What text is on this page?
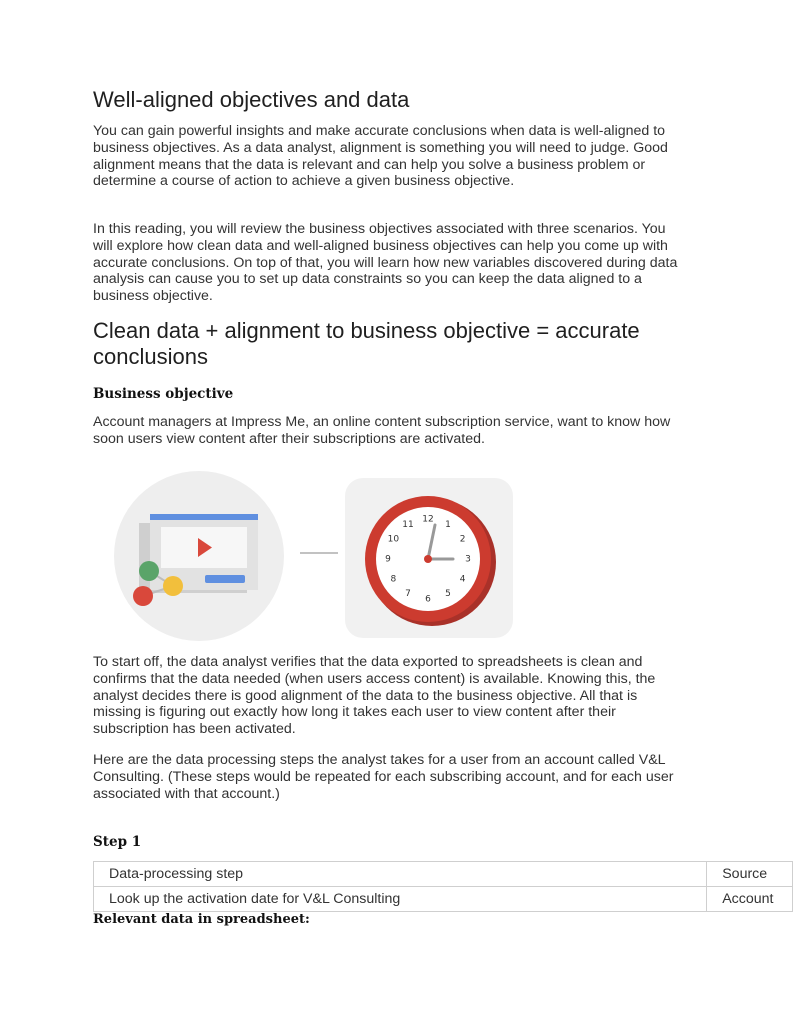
Well-aligned objectives and data

You can gain powerful insights and make accurate conclusions when data is well-aligned to business objectives. As a data analyst, alignment is something you will need to judge. Good alignment means that the data is relevant and can help you solve a business problem or determine a course of action to achieve a given business objective.

In this reading, you will review the business objectives associated with three scenarios. You will explore how clean data and well-aligned business objectives can help you come up with accurate conclusions. On top of that, you will learn how new variables discovered during data analysis can cause you to set up data constraints so you can keep the data aligned to a business objective.

Clean data + alignment to business objective = accurate conclusions
Business objective

Account managers at Impress Me, an online content subscription service, want to know how soon users view content after their subscriptions are activated.

12
1
2
3
4
5
6
7
8
9
10
11

To start off, the data analyst verifies that the data exported to spreadsheets is clean and confirms that the data needed (when users access content) is available. Knowing this, the analyst decides there is good alignment of the data to the business objective. All that is missing is figuring out exactly how long it takes each user to view content after their subscription has been activated.

Here are the data processing steps the analyst takes for a user from an account called V&L Consulting. (These steps would be repeated for each subscribing account, and for each user associated with that account.)

Step 1
Data-processing step	Source
Look up the activation date for V&L Consulting	Account
Relevant data in spreadsheet:
